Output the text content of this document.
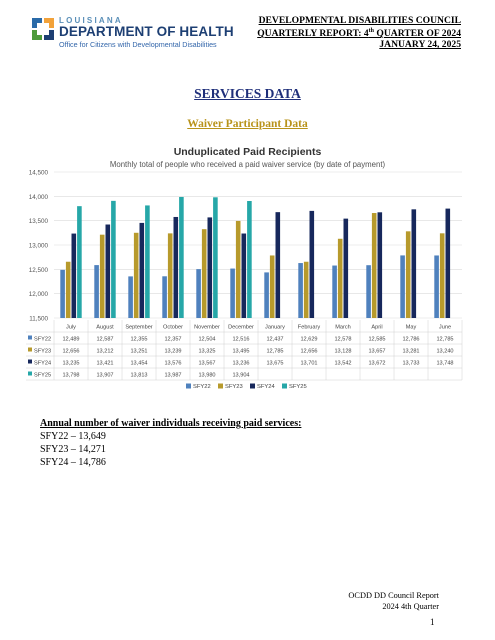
LOUISIANA
DEPARTMENT OF HEALTH
Office for Citizens with Developmental Disabilities
DEVELOPMENTAL DISABILITIES COUNCIL
QUARTERLY REPORT: 4th QUARTER OF 2024
JANUARY 24, 2025
SERVICES DATA
Waiver Participant Data
Unduplicated Paid Recipients
Monthly total of people who received a paid waiver service (by date of payment)
11,500
12,000
12,500
13,000
13,500
14,000
14,500
July	August September October November December January February	March	April	May	June
SFY22 12,489	12,587	12,355	12,357	12,504	12,516	12,437	12,629	12,578	12,585	12,786	12,785
SFY23 12,656	13,212	13,251	13,239	13,325	13,495	12,785	12,656	13,128	13,657	13,281	13,240
SFY24 13,235	13,421	13,454	13,576	13,567	13,236	13,675	13,701	13,542	13,672	13,733	13,748
SFY25 13,798	13,907	13,813	13,987	13,980	13,904
SFY22 SFY23 SFY24 SFY25
Annual number of waiver individuals receiving paid services:
SFY22 – 13,649
SFY23 – 14,271
SFY24 – 14,786
OCDD DD Council Report
2024 4th Quarter
1
